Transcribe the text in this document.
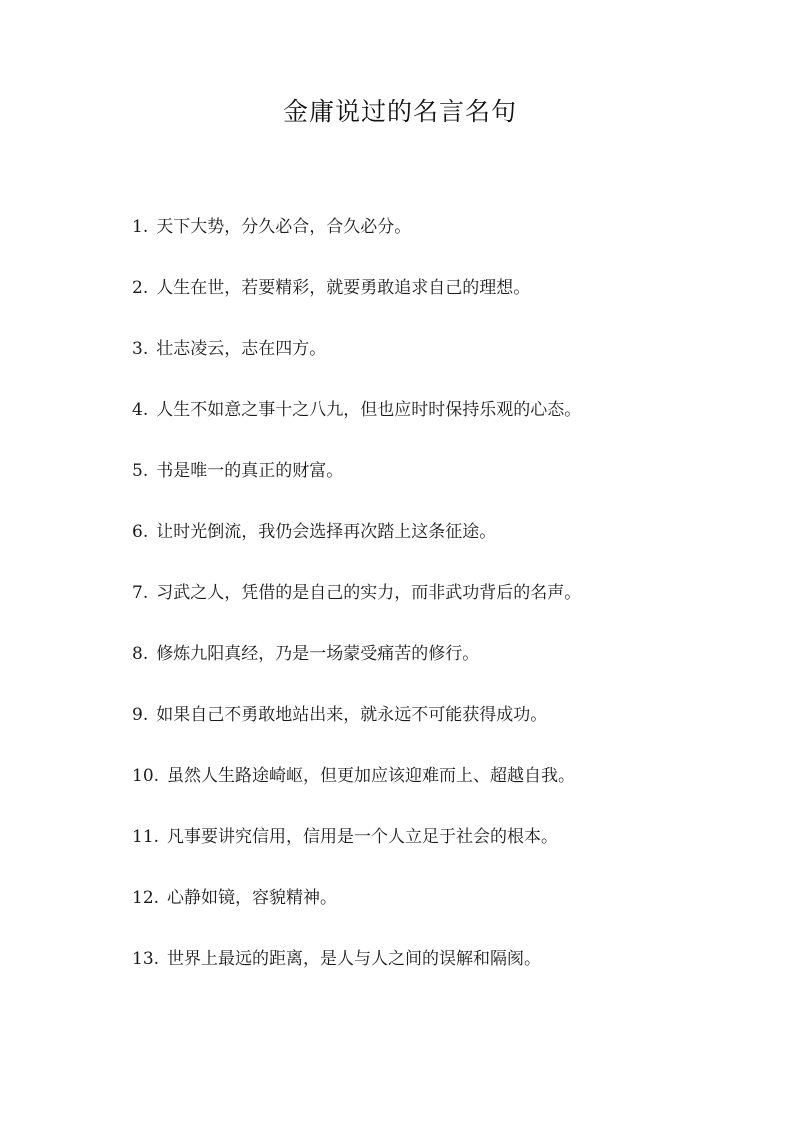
金庸说过的名言名句
1. 天下大势，分久必合，合久必分。
2. 人生在世，若要精彩，就要勇敢追求自己的理想。
3. 壮志凌云，志在四方。
4. 人生不如意之事十之八九，但也应时时保持乐观的心态。
5. 书是唯一的真正的财富。
6. 让时光倒流，我仍会选择再次踏上这条征途。
7. 习武之人，凭借的是自己的实力，而非武功背后的名声。
8. 修炼九阳真经，乃是一场蒙受痛苦的修行。
9. 如果自己不勇敢地站出来，就永远不可能获得成功。
10. 虽然人生路途崎岖，但更加应该迎难而上、超越自我。
11. 凡事要讲究信用，信用是一个人立足于社会的根本。
12. 心静如镜，容貌精神。
13. 世界上最远的距离，是人与人之间的误解和隔阂。
